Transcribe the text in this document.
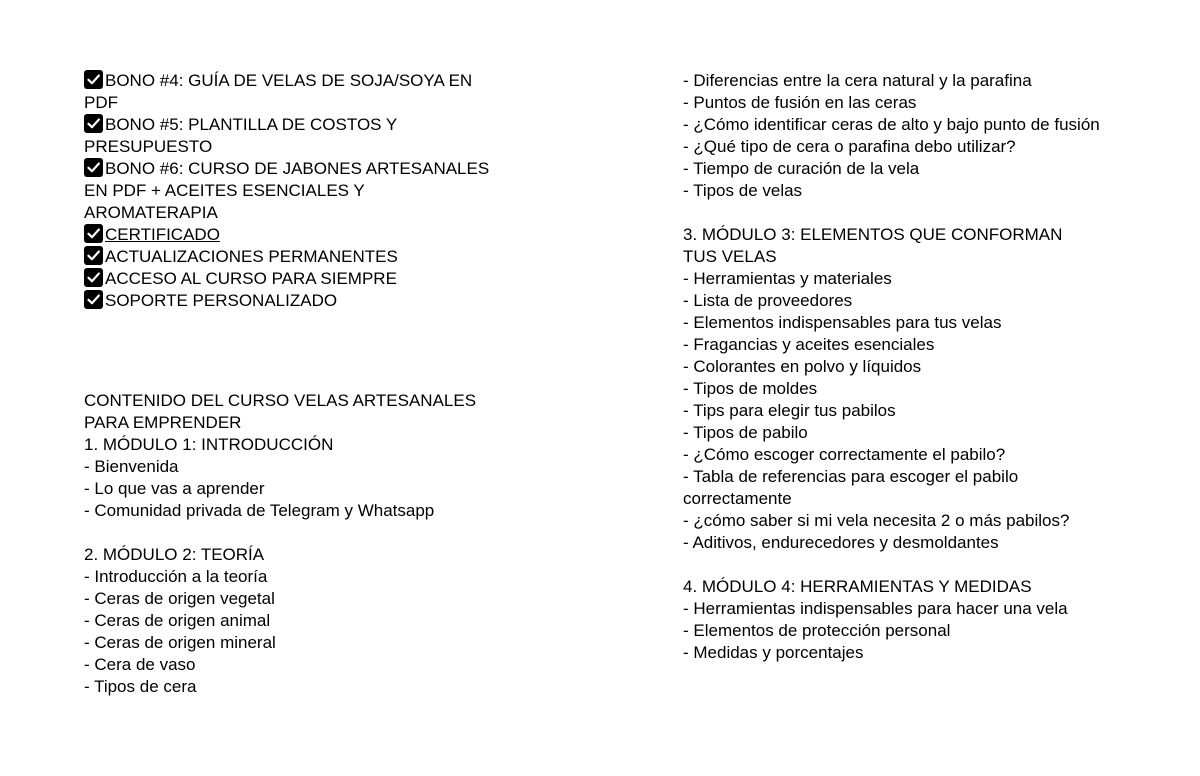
BONO #4: GUÍA DE VELAS DE SOJA/SOYA EN
PDF
BONO #5: PLANTILLA DE COSTOS Y
PRESUPUESTO
BONO #6: CURSO DE JABONES ARTESANALES
EN PDF + ACEITES ESENCIALES Y
AROMATERAPIA
CERTIFICADO
ACTUALIZACIONES PERMANENTES
ACCESO AL CURSO PARA SIEMPRE
SOPORTE PERSONALIZADO
CONTENIDO DEL CURSO VELAS ARTESANALES
PARA EMPRENDER
1. MÓDULO 1: INTRODUCCIÓN
- Bienvenida
- Lo que vas a aprender
- Comunidad privada de Telegram y Whatsapp
2. MÓDULO 2: TEORÍA
- Introducción a la teoría
- Ceras de origen vegetal
- Ceras de origen animal
- Ceras de origen mineral
- Cera de vaso
- Tipos de cera
- Diferencias entre la cera natural y la parafina
- Puntos de fusión en las ceras
- ¿Cómo identificar ceras de alto y bajo punto de fusión
- ¿Qué tipo de cera o parafina debo utilizar?
- Tiempo de curación de la vela
- Tipos de velas
3. MÓDULO 3: ELEMENTOS QUE CONFORMAN
TUS VELAS
- Herramientas y materiales
- Lista de proveedores
- Elementos indispensables para tus velas
- Fragancias y aceites esenciales
- Colorantes en polvo y líquidos
- Tipos de moldes
- Tips para elegir tus pabilos
- Tipos de pabilo
- ¿Cómo escoger correctamente el pabilo?
- Tabla de referencias para escoger el pabilo
correctamente
- ¿cómo saber si mi vela necesita 2 o más pabilos?
- Aditivos, endurecedores y desmoldantes
4. MÓDULO 4: HERRAMIENTAS Y MEDIDAS
- Herramientas indispensables para hacer una vela
- Elementos de protección personal
- Medidas y porcentajes
